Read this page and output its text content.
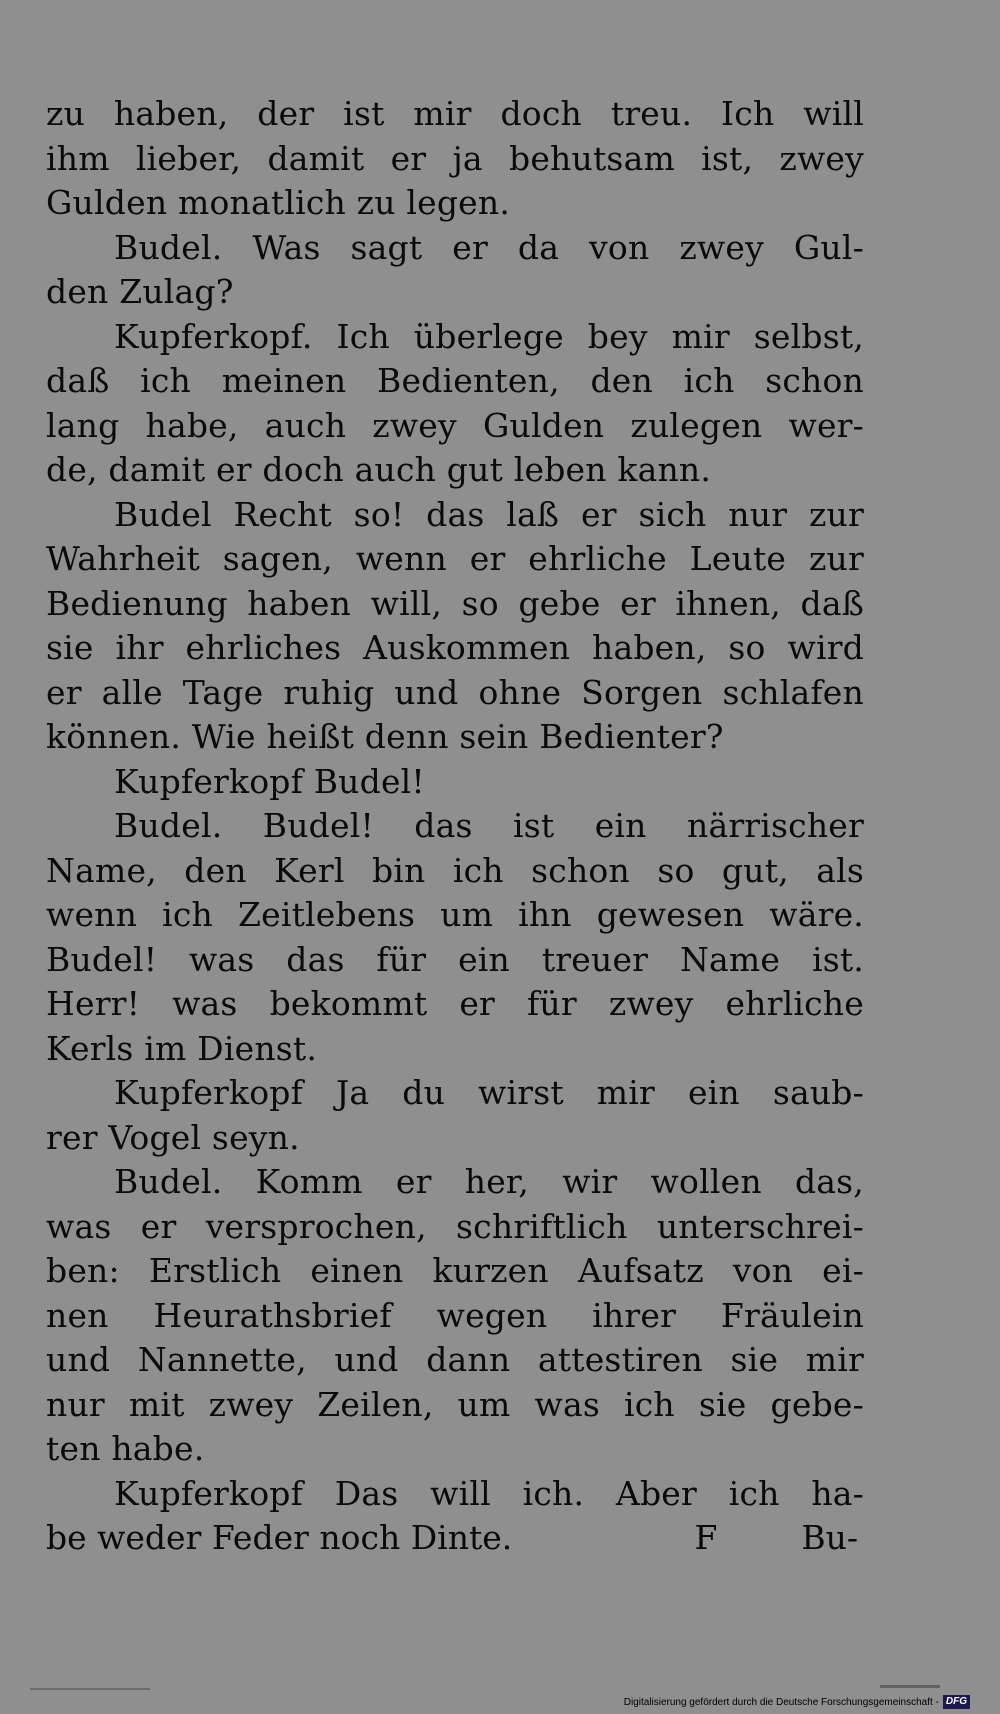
zu haben, der ist mir doch treu. Ich will
ihm lieber, damit er ja behutsam ist, zwey
Gulden monatlich zu legen.
Budel. Was sagt er da von zwey Gul-
den Zulag?
Kupferkopf. Ich überlege bey mir selbst,
daß ich meinen Bedienten, den ich schon
lang habe, auch zwey Gulden zulegen wer-
de, damit er doch auch gut leben kann.
Budel Recht so! das laß er sich nur zur
Wahrheit sagen, wenn er ehrliche Leute zur
Bedienung haben will, so gebe er ihnen, daß
sie ihr ehrliches Auskommen haben, so wird
er alle Tage ruhig und ohne Sorgen schlafen
können. Wie heißt denn sein Bedienter?
Kupferkopf Budel!
Budel. Budel! das ist ein närrischer
Name, den Kerl bin ich schon so gut, als
wenn ich Zeitlebens um ihn gewesen wäre.
Budel! was das für ein treuer Name ist.
Herr! was bekommt er für zwey ehrliche
Kerls im Dienst.
Kupferkopf Ja du wirst mir ein saub-
rer Vogel seyn.
Budel. Komm er her, wir wollen das,
was er versprochen, schriftlich unterschrei-
ben: Erstlich einen kurzen Aufsatz von ei-
nen Heurathsbrief wegen ihrer Fräulein
und Nannette, und dann attestiren sie mir
nur mit zwey Zeilen, um was ich sie gebe-
ten habe.
Kupferkopf Das will ich. Aber ich ha-
be weder Feder noch Dinte.	F	Bu-
Digitalisierung gefördert durch die Deutsche Forschungsgemeinschaft - DFG
